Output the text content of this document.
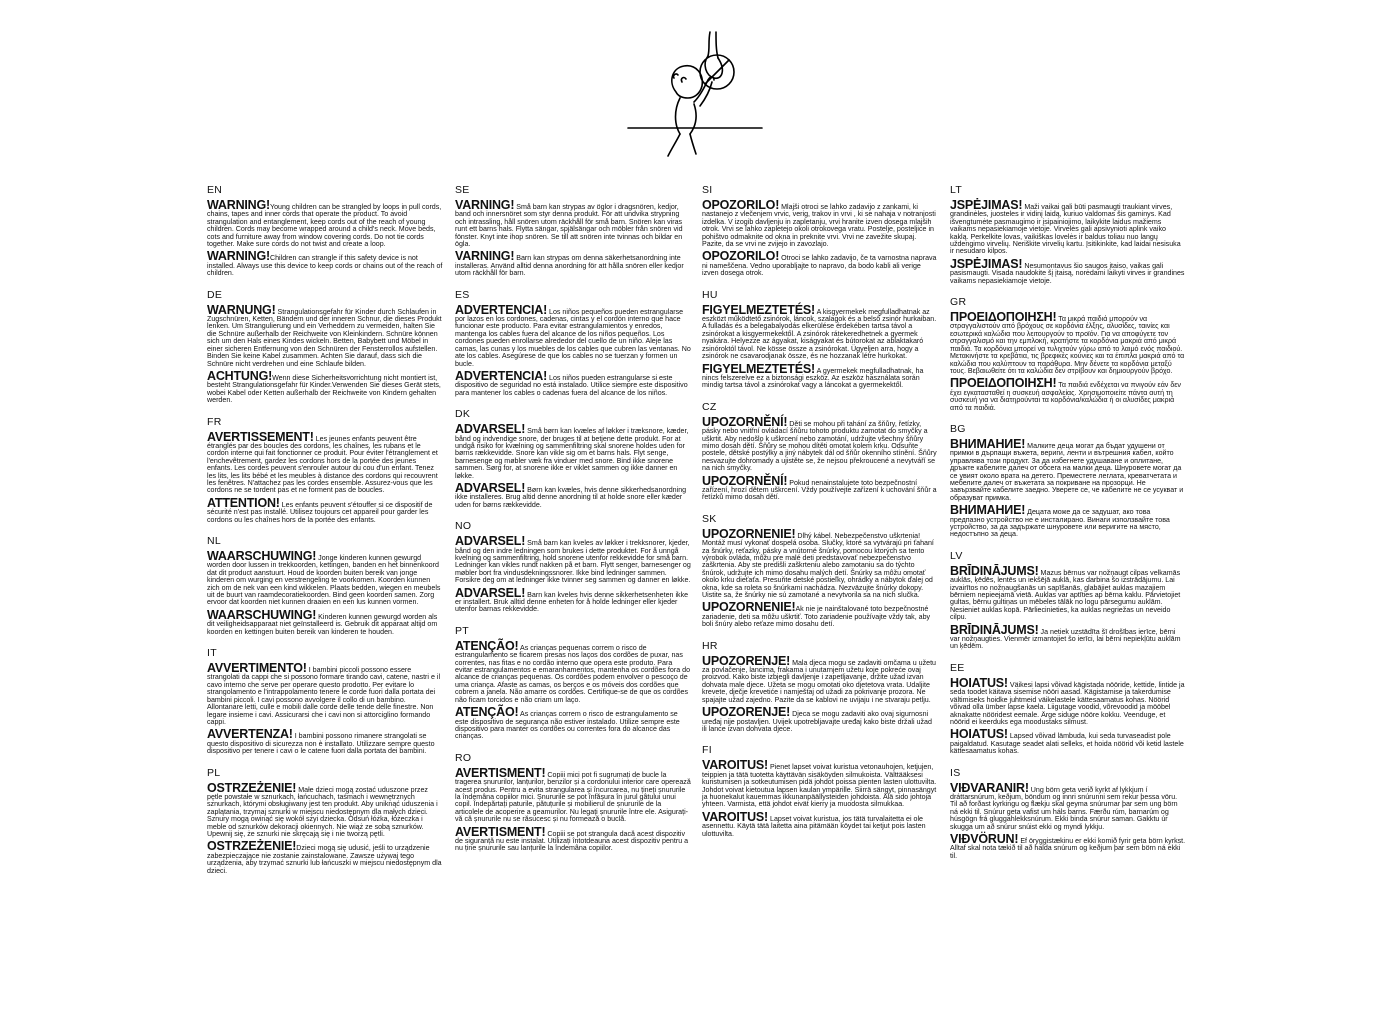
EN

WARNING!Young children can be strangled by loops in pull cords, chains, tapes and inner cords that operate the product. To avoid strangulation and entanglement, keep cords out of the reach of young children. Cords may become wrapped around a child's neck. Move beds, cots and furniture away from window covering cords. Do not tie cords together. Make sure cords do not twist and create a loop.

WARNING!Children can strangle if this safety device is not installed. Always use this device to keep cords or chains out of the reach of children.

DE

WARNUNG! Strangulationsgefahr für Kinder durch Schlaufen in Zugschnüren, Ketten, Bändern und der inneren Schnur, die dieses Produkt lenken. Um Strangulierung und ein Verheddern zu vermeiden, halten Sie die Schnüre außerhalb der Reichweite von Kleinkindern. Schnüre können sich um den Hals eines Kindes wickeln. Betten, Babybett und Möbel in einer sicheren Entfernung von den Schnüren der Fensterrollos aufstellen. Binden Sie keine Kabel zusammen. Achten Sie darauf, dass sich die Schnüre nicht verdrehen und eine Schlaufe bilden.

ACHTUNG!Wenn diese Sicherheitsvorrichtung nicht montiert ist, besteht Strangulationsgefahr für Kinder.Verwenden Sie dieses Gerät stets, wobei Kabel oder Ketten außerhalb der Reichweite von Kindern gehalten werden.

FR

AVERTISSEMENT! Les jeunes enfants peuvent être étranglés par des boucles des cordons, les chaînes, les rubans et le cordon interne qui fait fonctionner ce produit. Pour éviter l'étranglement et l'enchevêtrement, gardez les cordons hors de la portée des jeunes enfants. Les cordes peuvent s'enrouler autour du cou d'un enfant. Tenez les lits, les lits bébé et les meubles à distance des cordons qui recouvrent les fenêtres. N'attachez pas les cordes ensemble. Assurez-vous que les cordons ne se tordent pas et ne forment pas de boucles.

ATTENTION! Les enfants peuvent s'étouffer si ce dispositif de sécurité n'est pas installé. Utilisez toujours cet appareil pour garder les cordons ou les chaînes hors de la portée des enfants.

NL

WAARSCHUWING! Jonge kinderen kunnen gewurgd worden door lussen in trekkoorden, kettingen, banden en het binnenkoord dat dit product aanstuurt. Houd de koorden buiten bereik van jonge kinderen om wurging en verstrengeling te voorkomen. Koorden kunnen zich om de nek van een kind wikkelen. Plaats bedden, wiegen en meubels uit de buurt van raamdecoratiekoorden. Bind geen koorden samen. Zorg ervoor dat koorden niet kunnen draaien en een lus kunnen vormen.

WAARSCHUWING! Kinderen kunnen gewurgd worden als dit veiligheidsapparaat niet geïnstalleerd is. Gebruik dit apparaat altijd om koorden en kettingen buiten bereik van kinderen te houden.

IT

AVVERTIMENTO! I bambini piccoli possono essere strangolati da cappi che si possono formare tirando cavi, catene, nastri e il cavo interno che serve per operare questo prodotto. Per evitare lo strangolamento e l'intrappolamento tenere le corde fuori dalla portata dei bambini piccoli. I cavi possono avvolgere il collo di un bambino. Allontanare letti, culle e mobili dalle corde delle tende delle finestre. Non legare insieme i cavi. Assicurarsi che i cavi non si attorciglino formando cappi.

AVVERTENZA! I bambini possono rimanere strangolati se questo dispositivo di sicurezza non è installato. Utilizzare sempre questo dispositivo per tenere i cavi o le catene fuori dalla portata dei bambini.

PL

OSTRZEŻENIE! Małe dzieci mogą zostać uduszone przez pętle powstałe w sznurkach, łańcuchach, taśmach i wewnętrznych sznurkach, którymi obsługiwany jest ten produkt. Aby uniknąć uduszenia i zaplątania, trzymaj sznurki w miejscu niedostępnym dla małych dzieci. Sznury mogą owinąć się wokół szyi dziecka. Odsuń łóżka, łóżeczka i meble od sznurków dekoracji okiennych. Nie wiąż ze sobą sznurków. Upewnij się, że sznurki nie skręcają się i nie tworzą pętli.

OSTRZEŻENIE!Dzieci mogą się udusić, jeśli to urządzenie zabezpieczające nie zostanie zainstalowane. Zawsze używaj tego urządzenia, aby trzymać sznurki lub łańcuszki w miejscu niedostępnym dla dzieci.

SE

VARNING! Små barn kan strypas av öglor i dragsnören, kedjor, band och innersnöret som styr denna produkt. För att undvika strypning och intrassling, håll snören utom räckhåll för små barn. Snören kan viras runt ett barns hals. Flytta sängar, spjälsängar och möbler från snören vid fönster. Knyt inte ihop snören. Se till att snören inte tvinnas och bildar en ögla.

VARNING! Barn kan strypas om denna säkerhetsanordning inte installeras. Använd alltid denna anordning för att hålla snören eller kedjor utom räckhåll för barn.

ES

ADVERTENCIA! Los niños pequeños pueden estrangularse por lazos en los cordones, cadenas, cintas y el cordón interno que hace funcionar este producto. Para evitar estrangulamientos y enredos, mantenga los cables fuera del alcance de los niños pequeños. Los cordones pueden enrollarse alrededor del cuello de un niño. Aleje las camas, las cunas y los muebles de los cables que cubren las ventanas. No ate los cables. Asegúrese de que los cables no se tuerzan y formen un bucle.

ADVERTENCIA! Los niños pueden estrangularse si este dispositivo de seguridad no está instalado. Utilice siempre este dispositivo para mantener los cables o cadenas fuera del alcance de los niños.

DK

ADVARSEL! Små børn kan kvæles af løkker i træksnore, kæder, bånd og indvendige snore, der bruges til at betjene dette produkt. For at undgå risiko for kvælning og sammenfiltring skal snorene holdes uden for børns rækkevidde. Snore kan vikle sig om et barns hals. Flyt senge, barnesenge og møbler væk fra vinduer med snore. Bind ikke snorene sammen. Sørg for, at snorene ikke er viklet sammen og ikke danner en løkke.

ADVARSEL! Børn kan kvæles, hvis denne sikkerhedsanordning ikke installeres. Brug altid denne anordning til at holde snore eller kæder uden for børns rækkevidde.

NO

ADVARSEL! Små barn kan kveles av løkker i trekksnorer, kjeder, bånd og den indre ledningen som brukes i dette produktet. For å unngå kvelning og sammenfiltring, hold snorene utenfor rekkevidde for små barn. Ledninger kan vikles rundt nakken på et barn. Flytt senger, barnesenger og møbler bort fra vindusdekningssnorer. Ikke bind ledninger sammen. Forsikre deg om at ledninger ikke tvinner seg sammen og danner en løkke.

ADVARSEL! Barn kan kveles hvis denne sikkerhetsenheten ikke er installert. Bruk alltid denne enheten for å holde ledninger eller kjeder utenfor barnas rekkevidde.

PT

ATENÇÃO! As crianças pequenas correm o risco de estrangulamento se ficarem presas nos laços dos cordões de puxar, nas correntes, nas fitas e no cordão interno que opera este produto. Para evitar estrangulamentos e emaranhamentos, mantenha os cordões fora do alcance de crianças pequenas. Os cordões podem envolver o pescoço de uma criança. Afaste as camas, os berços e os móveis dos cordões que cobrem a janela. Não amarre os cordões. Certifique-se de que os cordões não ficam torcidos e não criam um laço.

ATENÇÃO! As crianças correm o risco de estrangulamento se este dispositivo de segurança não estiver instalado. Utilize sempre este dispositivo para manter os cordões ou correntes fora do alcance das crianças.

RO

AVERTISMENT! Copiii mici pot fi sugrumați de bucle la tragerea șnururilor, lanțurilor, benzilor și a cordonului interior care operează acest produs. Pentru a evita strangularea și încurcarea, nu țineți șnururile la îndemâna copiilor mici. Șnururile se pot înfășura în jurul gâtului unui copil. Îndepărtați paturile, pătuțurile și mobilierul de șnururile de la articolele de acoperire a geamurilor. Nu legați șnururile între ele. Asigurați-vă că șnururile nu se răsucesc și nu formează o buclă.

AVERTISMENT! Copiii se pot strangula dacă acest dispozitiv de siguranță nu este instalat. Utilizați întotdeauna acest dispozitiv pentru a nu ține șnururile sau lanțurile la îndemâna copiilor.

SI

OPOZORILO! Mlajši otroci se lahko zadavijo z zankami, ki nastanejo z vlečenjem vrvic, verig, trakov in vrvi , ki se nahaja v notranjosti izdelka. V izogib davljenju in zapletanju, vrvi hranite izven dosega mlajših otrok. Vrvi se lahko zapletejo okoli otrokovega vratu. Postelje, posteljice in pohištvo odmaknite od okna in preknite vrvi. Vrvi ne zavežite skupaj. Pazite, da se vrvi ne zvijejo in zavozlajo.

OPOZORILO! Otroci se lahko zadavijo, če ta varnostna naprava ni nameščena. Vedno uporabljajte to napravo, da bodo kabli ali verige izven dosega otrok.

HU

FIGYELMEZTETÉS! A kisgyermekek megfulladhatnak az eszközt működtető zsinórok, láncok, szalagok és a belső zsinór hurkaiban. A fulladás és a belegabalyodás elkerülése érdekében tartsa távol a zsinórokat a kisgyermekektől. A zsinórok rátekeredhetnek a gyermek nyakára. Helyezze az ágyakat, kiságyakat és bútorokat az ablaktakaró zsinóroktól távol. Ne kösse össze a zsinórokat. Ügyeljen arra, hogy a zsinórok ne csavarodjanak össze, és ne hozzanak létre hurkokat.

FIGYELMEZTETÉS! A gyermekek megfulladhatnak, ha nincs felszerelve ez a biztonsági eszköz. Az eszköz használata során mindig tartsa távol a zsinórokat vagy a láncokat a gyermekektől.

CZ

UPOZORNĚNÍ! Děti se mohou při tahání za šňůry, řetízky, pásky nebo vnitřní ovládací šňůru tohoto produktu zamotat do smyčky a uškrtit. Aby nedošlo k uškrcení nebo zamotání, udržujte všechny šňůry mimo dosah dětí. Šňůry se mohou dítěti omotat kolem krku. Odsuňte postele, dětské postýlky a jiný nábytek dál od šňůr okenního stínění. Šňůry nesvazujte dohromady a ujistěte se, že nejsou překroucené a nevytváří se na nich smyčky.

UPOZORNĚNÍ! Pokud nenainstalujete toto bezpečnostní zařízení, hrozí dětem uškrcení. Vždy používejte zařízení k uchování šňůr a řetízků mimo dosah dětí.

SK

UPOZORNENIE! Dlhý kábel. Nebezpečenstvo uškrtenia! Montáž musí vykonať dospelá osoba. Slučky, ktoré sa vytvárajú pri ťahaní za šnúrky, reťazky, pásky a vnútorné šnúrky, pomocou ktorých sa tento výrobok ovláda, môžu pre malé deti predstavovať nebezpečenstvo zaškrtenia. Aby ste predišli zaškrteniu alebo zamotaniu sa do týchto šnúrok, udržujte ich mimo dosahu malých detí. Šnúrky sa môžu omotať okolo krku dieťaťa. Presuňte detské postieľky, ohrádky a nábytok ďalej od okna, kde sa roleta so šnúrkami nachádza. Nezväzujte šnúrky dokopy. Uistite sa, že šnúrky nie sú zamotané a nevytvorila sa na nich slučka.

UPOZORNENIE!Ak nie je nainštalované toto bezpečnostné zariadenie, deti sa môžu uškrtiť. Toto zariadenie používajte vždy tak, aby boli šnúry alebo reťaze mimo dosahu detí.

HR

UPOZORENJE! Mala djeca mogu se zadaviti omčama u užetu za povlačenje, lancima, frakama i unutarnjem užetu koje pokreće ovaj proizvod. Kako biste izbjegli davljenje i zapetljavanje, držite užad izvan dohvata male djece. Užeta se mogu omotati oko djetetova vrata. Udaljite krevete, dječje krevetiće i namještaj od užadi za pokrivanje prozora. Ne spajajte užad zajedno. Pazite da se kablovi ne uvijaju i ne stvaraju petlju.

UPOZORENJE! Djeca se mogu zadaviti ako ovaj sigurnosni uređaj nije postavljen. Uvijek upotrebljavajte uređaj kako biste držali užad ili lance izvan dohvata djece.

FI

VAROITUS! Pienet lapset voivat kuristua vetonauhojen, ketjujen, teippien ja tätä tuotetta käyttävän sisäköyden silmukoista. Välttääksesi kuristumisen ja sotkeutumisen pidä johdot poissa pienten lasten ulottuvilta. Johdot voivat kietoutua lapsen kaulan ympärille. Siirrä sängyt, pinnasängyt ja huonekalut kauemmas ikkunanpäällysteiden johdoista. Älä sido johtoja yhteen. Varmista, että johdot eivät kierry ja muodosta silmukkaa.

VAROITUS! Lapset voivat kuristua, jos tätä turvalaitetta ei ole asennettu. Käytä tätä laitetta aina pitämään köydet tai ketjut pois lasten ulottuvilta.

LT

JSPĖJIMAS! Maži vaikai gali būti pasmaugti traukiant virves, grandinėles, juosteles ir vidinį laidą, kuriuo valdomas šis gaminys. Kad išvengtumėte pasmaugimo ir įsipainiojimo, laikykite laidus mažiems vaikams nepasiekiamoje vietoje. Virvelės gali apsivynioti aplink vaiko kaklą. Perkelkite lovas, vaikiškas lovelės ir baldus toliau nuo langų uždengimo virvelių. Neriškite virvelių kartu. Įsitikinkite, kad laidai nesisuka ir nesudaro kilpos.

JSPĖJIMAS! Nesumontavus šio saugos įtaiso, vaikas gali pasismaugti. Visada naudokite šį įtaisą, norėdami laikyti virves ir grandines vaikams nepasiekiamoje vietoje.

GR

ΠΡΟΕΙΔΟΠΟΙΗΣΗ! Τα μικρά παιδιά μπορούν να στραγγαλιστούν από βρόχους σε κορδόνια έλξης, αλυσίδες, ταινίες και εσωτερικά καλώδια που λειτουργούν το προϊόν. Για να αποφύγετε τον στραγγαλισμό και την εμπλοκή, κρατήστε τα κορδόνια μακριά από μικρά παιδιά. Τα κορδόνια μπορεί να τυλιχτούν γύρω από το λαιμό ενός παιδιού. Μετακινήστε τα κρεβάτια, τις βρεφικές κούνιες και τα έπιπλα μακριά από τα καλώδια που καλύπτουν τα παράθυρα. Μην δένετε τα κορδόνια μεταξύ τους. Βεβαιωθείτε ότι τα καλώδια δεν στρίβουν και δημιουργούν βρόχο.

ΠΡΟΕΙΔΟΠΟΙΗΣΗ! Τα παιδιά ενδέχεται να πνιγούν εάν δεν έχει εγκατασταθεί η συσκευή ασφαλείας. Χρησιμοποιείτε πάντα αυτή τη συσκευή για να διατηρούνται τα κορδόνια/καλώδια ή οι αλυσίδες μακριά από τα παιδιά.

BG

ВНИМАНИЕ! Малките деца могат да бъдат удушени от примки в дърпащи въжета, вериги, ленти и вътрешния кабел, който управлява този продукт. За да избегнете удушаване и оплитане, дръжте кабелите далеч от обсега на малки деца. Шнуровете могат да се увият около врата на детето. Преместете леглата, креватчетата и мебелите далеч от въжетата за покриване на прозорци. Не завързвайте кабелите заедно. Уверете се, че кабелите не се усукват и образуват примка.

ВНИМАНИЕ! Децата може да се задушат, ако това предпазно устройство не е инсталирано. Винаги използвайте това устройство, за да задържате шнуровете или веригите на място, недостъпно за деца.

LV

BRĪDINĀJUMS! Mazus bērnus var nožņaugt cilpas velkamās auklās, ķēdēs, lentēs un iekšējā auklā, kas darbina šo izstrādājumu. Lai izvairītos no nožņaugšanās un sapīšanās, glabājiet auklas mazajiem bērniem nepieejamā vietā. Auklas var aptīties ap bērna kaklu. Pārvietojiet gultas, bērnu gultiņas un mēbeles tālāk no logu pārsegumu auklām. Nesieniet auklas kopā. Pārliecinieties, ka auklas negriežas un neveido cilpu.

BRĪDINĀJUMS! Ja netiek uzstādīta šī drošības ierīce, bērni var nožņaugties. Vienmēr izmantojiet šo ierīci, lai bērni nepiekļūtu auklām un ķēdēm.

EE

HOIATUS! Väikesi lapsi võivad kägistada nööride, kettide, lintide ja seda toodet käitava sisemise nööri aasad. Kägistamise ja takerdumise vältimiseks hoidke juhtmeid väikelastele kättesaamatus kohas. Nöörid võivad olla ümber lapse kaela. Liigutage voodid, võrevoodid ja mööbel aknakatte nööridest eemale. Ärge siduge nööre kokku. Veenduge, et nöörid ei keerduks ega moodustaks silmust.

HOIATUS! Lapsed võivad lämbuda, kui seda turvaseadist pole paigaldatud. Kasutage seadet alati selleks, et hoida nöörid või ketid lastele kättesaamatus kohas.

IS

VIÐVARANIR! Ung börn geta verið kyrkt af lykkjum í dráttarsnúrum, keðjum, böndum og innri snúrunni sem rekur þessa vöru. Til að forðast kyrkingu og flækju skal geyma snúrurnar þar sem ung börn ná ekki til. Snúrur geta vafist um háls barns. Færðu rúm, barnarúm og húsgögn frá gluggahlekksnúrum. Ekki binda snúrur saman. Gakktu úr skugga um að snúrur snúist ekki og myndi lykkju.

VIÐVÖRUN! Ef öryggistækinu er ekki komið fyrir geta börn kyrkst. Alltaf skal nota tækið til að halda snúrum og keðjum þar sem börn ná ekki til.
